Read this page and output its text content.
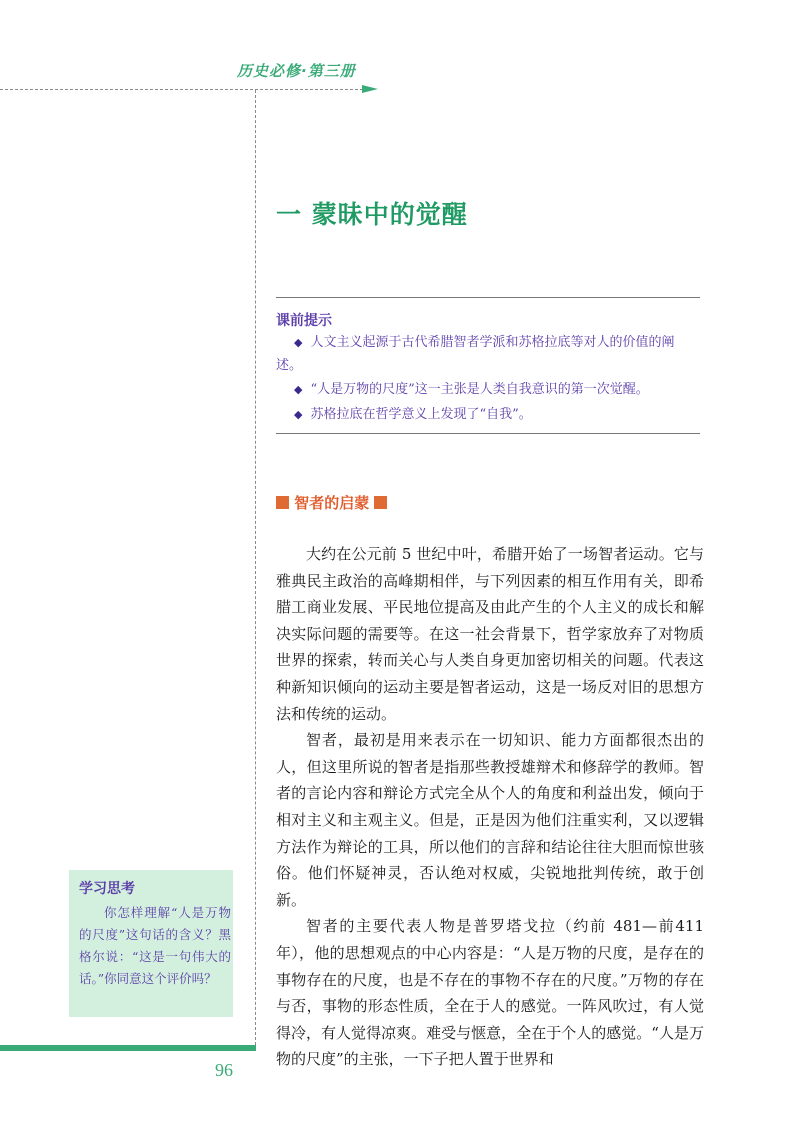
历史必修·第三册
一 蒙昧中的觉醒
课前提示
◆ 人文主义起源于古代希腊智者学派和苏格拉底等对人的价值的阐述。
◆ “人是万物的尺度”这一主张是人类自我意识的第一次觉醒。
◆ 苏格拉底在哲学意义上发现了“自我”。
智者的启蒙

大约在公元前 5 世纪中叶，希腊开始了一场智者运动。它与雅典民主政治的高峰期相伴，与下列因素的相互作用有关，即希腊工商业发展、平民地位提高及由此产生的个人主义的成长和解决实际问题的需要等。在这一社会背景下，哲学家放弃了对物质世界的探索，转而关心与人类自身更加密切相关的问题。代表这种新知识倾向的运动主要是智者运动，这是一场反对旧的思想方法和传统的运动。

智者，最初是用来表示在一切知识、能力方面都很杰出的人，但这里所说的智者是指那些教授雄辩术和修辞学的教师。智者的言论内容和辩论方式完全从个人的角度和利益出发，倾向于相对主义和主观主义。但是，正是因为他们注重实利，又以逻辑方法作为辩论的工具，所以他们的言辞和结论往往大胆而惊世骇俗。他们怀疑神灵，否认绝对权威，尖锐地批判传统，敢于创新。

智者的主要代表人物是普罗塔戈拉（约前 481—前411 年），他的思想观点的中心内容是：“人是万物的尺度，是存在的事物存在的尺度，也是不存在的事物不存在的尺度。”万物的存在与否，事物的形态性质，全在于人的感觉。一阵风吹过，有人觉得冷，有人觉得凉爽。难受与惬意，全在于个人的感觉。“人是万物的尺度”的主张，一下子把人置于世界和

学习思考
你怎样理解“人是万物的尺度”这句话的含义？黑格尔说：“这是一句伟大的话。”你同意这个评价吗？
96
